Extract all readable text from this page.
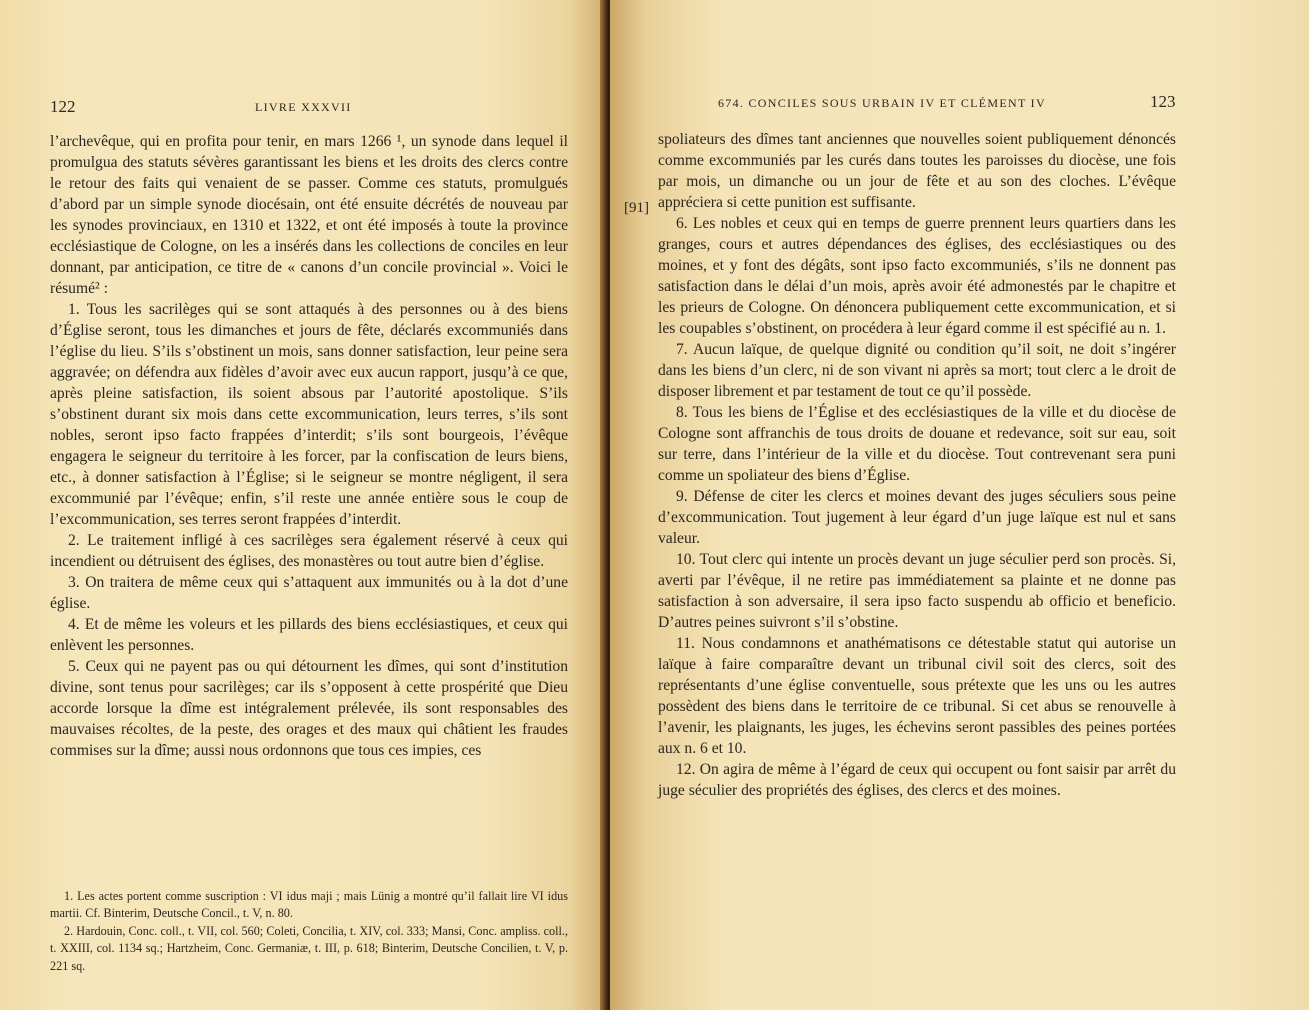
122	LIVRE XXXVII

l’archevêque, qui en profita pour tenir, en mars 1266 ¹, un synode dans lequel il promulgua des statuts sévères garantissant les biens et les droits des clercs contre le retour des faits qui venaient de se passer. Comme ces statuts, promulgués d’abord par un simple synode diocésain, ont été ensuite décrétés de nouveau par les synodes provinciaux, en 1310 et 1322, et ont été imposés à toute la province ecclésiastique de Cologne, on les a insérés dans les collections de conciles en leur donnant, par anticipation, ce titre de « canons d’un concile provincial ». Voici le résumé² :

1. Tous les sacrilèges qui se sont attaqués à des personnes ou à des biens d’Église seront, tous les dimanches et jours de fête, déclarés excommuniés dans l’église du lieu. S’ils s’obstinent un mois, sans donner satisfaction, leur peine sera aggravée; on défendra aux fidèles d’avoir avec eux aucun rapport, jusqu’à ce que, après pleine satisfaction, ils soient absous par l’autorité apostolique. S’ils s’obstinent durant six mois dans cette excommunication, leurs terres, s’ils sont nobles, seront ipso facto frappées d’interdit; s’ils sont bourgeois, l’évêque engagera le seigneur du territoire à les forcer, par la confiscation de leurs biens, etc., à donner satisfaction à l’Église; si le seigneur se montre négligent, il sera excommunié par l’évêque; enfin, s’il reste une année entière sous le coup de l’excommunication, ses terres seront frappées d’interdit.

2. Le traitement infligé à ces sacrilèges sera également réservé à ceux qui incendient ou détruisent des églises, des monastères ou tout autre bien d’église.

3. On traitera de même ceux qui s’attaquent aux immunités ou à la dot d’une église.

4. Et de même les voleurs et les pillards des biens ecclésiastiques, et ceux qui enlèvent les personnes.

5. Ceux qui ne payent pas ou qui détournent les dîmes, qui sont d’institution divine, sont tenus pour sacrilèges; car ils s’opposent à cette prospérité que Dieu accorde lorsque la dîme est intégralement prélevée, ils sont responsables des mauvaises récoltes, de la peste, des orages et des maux qui châtient les fraudes commises sur la dîme; aussi nous ordonnons que tous ces impies, ces

1. Les actes portent comme suscription : VI idus maji ; mais Lünig a montré qu’il fallait lire VI idus martii. Cf. Binterim, Deutsche Concil., t. V, n. 80.

2. Hardouin, Conc. coll., t. VII, col. 560; Coleti, Concilia, t. XIV, col. 333; Mansi, Conc. ampliss. coll., t. XXIII, col. 1134 sq.; Hartzheim, Conc. Germaniæ, t. III, p. 618; Binterim, Deutsche Concilien, t. V, p. 221 sq.

674. CONCILES SOUS URBAIN IV ET CLÉMENT IV	123
[91]

spoliateurs des dîmes tant anciennes que nouvelles soient publiquement dénoncés comme excommuniés par les curés dans toutes les paroisses du diocèse, une fois par mois, un dimanche ou un jour de fête et au son des cloches. L’évêque appréciera si cette punition est suffisante.

6. Les nobles et ceux qui en temps de guerre prennent leurs quartiers dans les granges, cours et autres dépendances des églises, des ecclésiastiques ou des moines, et y font des dégâts, sont ipso facto excommuniés, s’ils ne donnent pas satisfaction dans le délai d’un mois, après avoir été admonestés par le chapitre et les prieurs de Cologne. On dénoncera publiquement cette excommunication, et si les coupables s’obstinent, on procédera à leur égard comme il est spécifié au n. 1.

7. Aucun laïque, de quelque dignité ou condition qu’il soit, ne doit s’ingérer dans les biens d’un clerc, ni de son vivant ni après sa mort; tout clerc a le droit de disposer librement et par testament de tout ce qu’il possède.

8. Tous les biens de l’Église et des ecclésiastiques de la ville et du diocèse de Cologne sont affranchis de tous droits de douane et redevance, soit sur eau, soit sur terre, dans l’intérieur de la ville et du diocèse. Tout contrevenant sera puni comme un spoliateur des biens d’Église.

9. Défense de citer les clercs et moines devant des juges séculiers sous peine d’excommunication. Tout jugement à leur égard d’un juge laïque est nul et sans valeur.

10. Tout clerc qui intente un procès devant un juge séculier perd son procès. Si, averti par l’évêque, il ne retire pas immédiatement sa plainte et ne donne pas satisfaction à son adversaire, il sera ipso facto suspendu ab officio et beneficio. D’autres peines suivront s’il s’obstine.

11. Nous condamnons et anathématisons ce détestable statut qui autorise un laïque à faire comparaître devant un tribunal civil soit des clercs, soit des représentants d’une église conventuelle, sous prétexte que les uns ou les autres possèdent des biens dans le territoire de ce tribunal. Si cet abus se renouvelle à l’avenir, les plaignants, les juges, les échevins seront passibles des peines portées aux n. 6 et 10.

12. On agira de même à l’égard de ceux qui occupent ou font saisir par arrêt du juge séculier des propriétés des églises, des clercs et des moines.
